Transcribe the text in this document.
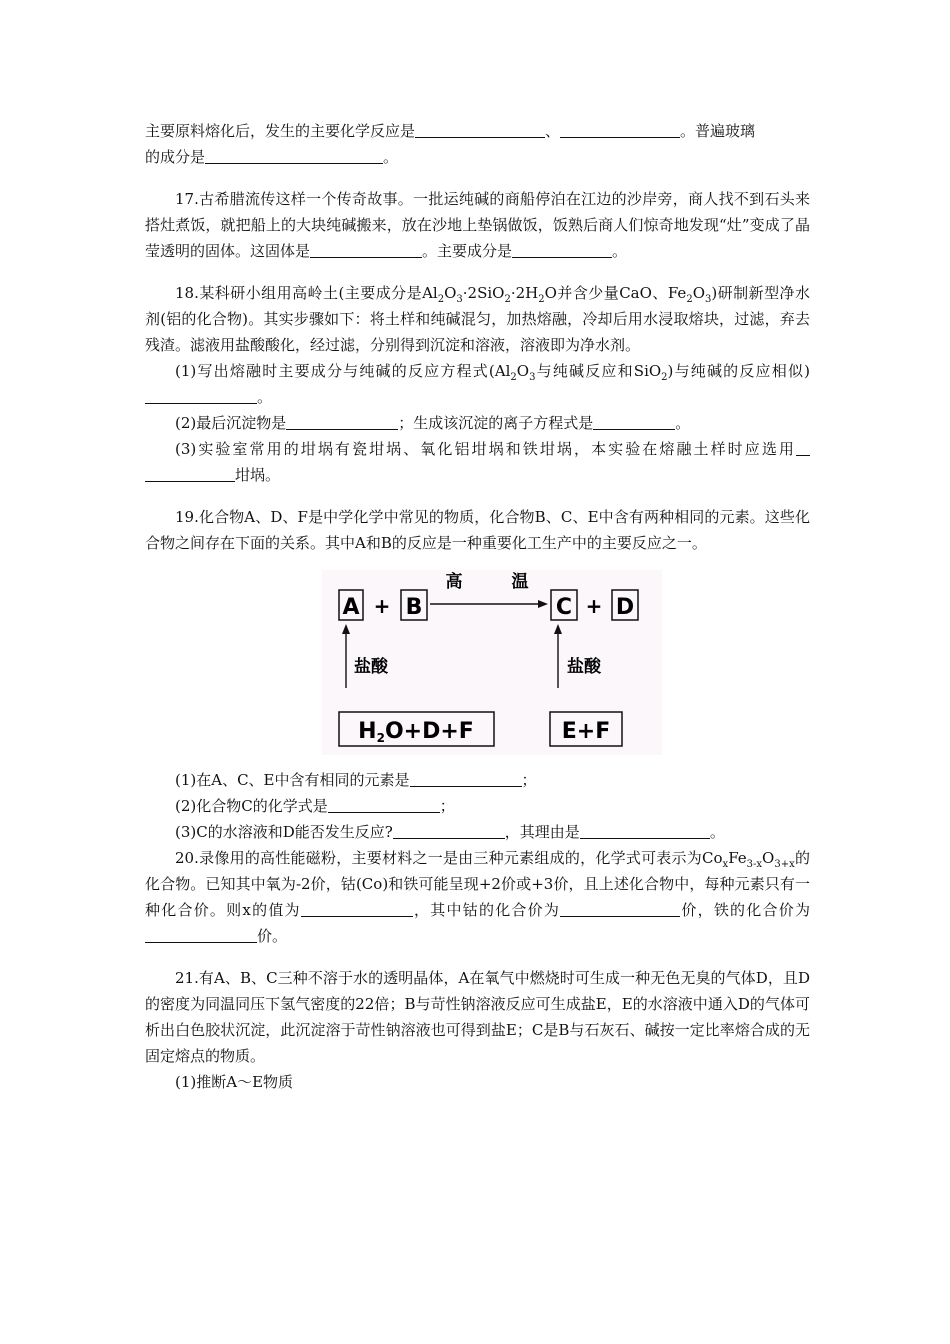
主要原料熔化后，发生的主要化学反应是	、	。普遍玻璃
的成分是	。

17.古希腊流传这样一个传奇故事。一批运纯碱的商船停泊在江边的沙岸旁，商人找不到石头来搭灶煮饭，就把船上的大块纯碱搬来，放在沙地上垫锅做饭，饭熟后商人们惊奇地发现“灶”变成了晶莹透明的固体。这固体是	。主要成分是	。

18.某科研小组用高岭土(主要成分是$Al_2O_3\cdot 2SiO_2\cdot 2H_2O$并含少量CaO、$Fe_2O_3$)研制新型净水剂(铝的化合物)。其实步骤如下：将土样和纯碱混匀，加热熔融，冷却后用水浸取熔块，过滤，弃去残渣。滤液用盐酸酸化，经过滤，分别得到沉淀和溶液，溶液即为净水剂。

(1)写出熔融时主要成分与纯碱的反应方程式($Al_2O_3$与纯碱反应和SiO$_2$)与纯碱的反应相似)。

(2)最后沉淀物是	；生成该沉淀的离子方程式是	。

(3)实验室常用的坩埚有瓷坩埚、氧化铝坩埚和铁坩埚，本实验在熔融土样时应选用坩埚。

19.化合物A、D、F是中学化学中常见的物质，化合物B、C、E中含有两种相同的元素。这些化合物之间存在下面的关系。其中A和B的反应是一种重要化工生产中的主要反应之一。

A + B
高	温
C + D
盐酸	盐酸
H2O+D+F	E+F

(1)在A、C、E中含有相同的元素是	；

(2)化合物C的化学式是	；

(3)C的水溶液和D能否发生反应?	，其理由是	。

20.录像用的高性能磁粉，主要材料之一是由三种元素组成的，化学式可表示为$Co_xFe_{3-x}O_{3+x}$的化合物。已知其中氧为-2价，钴(Co)和铁可能呈现+2价或+3价，且上述化合物中，每种元素只有一种化合价。则x的值为	，其中钴的化合价为	价，铁的化合价为价。

21.有A、B、C三种不溶于水的透明晶体，A在氧气中燃烧时可生成一种无色无臭的气体D，且D的密度为同温同压下氢气密度的22倍；B与苛性钠溶液反应可生成盐E，E的水溶液中通入D的气体可析出白色胶状沉淀，此沉淀溶于苛性钠溶液也可得到盐E；C是B与石灰石、碱按一定比率熔合成的无固定熔点的物质。

(1)推断A～E物质
